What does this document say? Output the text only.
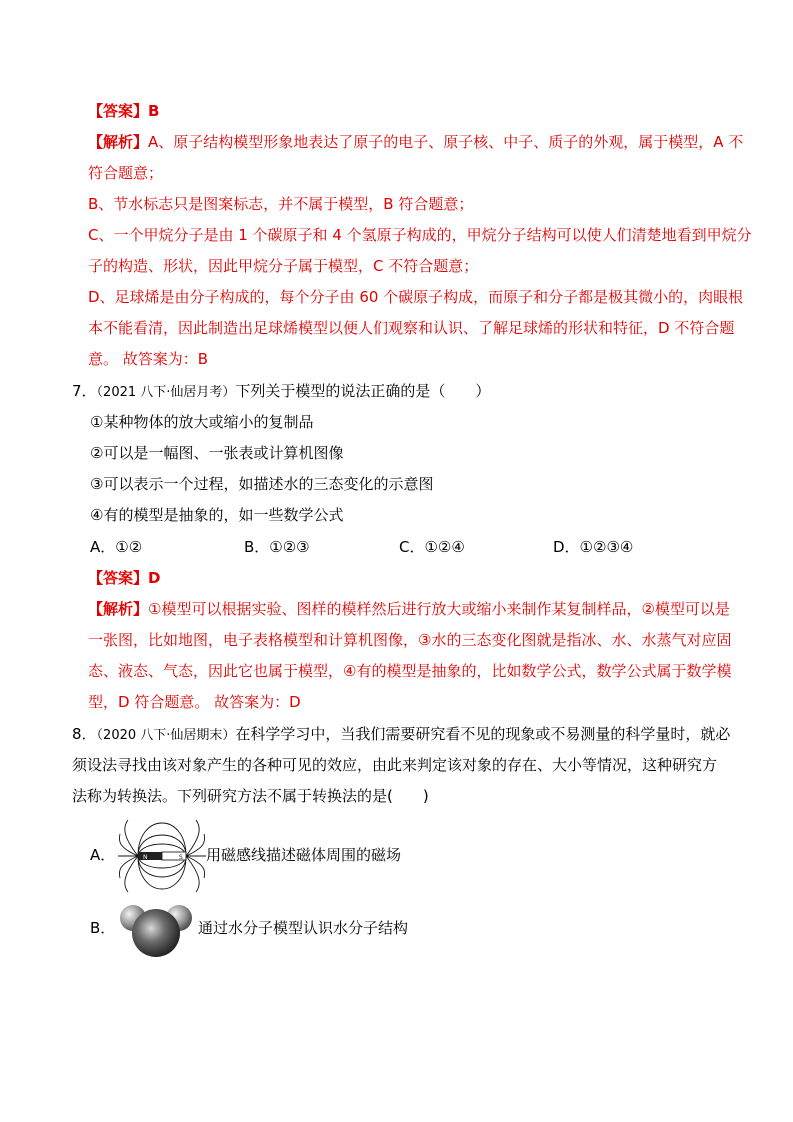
【答案】B
【解析】A、原子结构模型形象地表达了原子的电子、原子核、中子、质子的外观，属于模型，A 不
符合题意；
B、节水标志只是图案标志，并不属于模型，B 符合题意；
C、一个甲烷分子是由 1 个碳原子和 4 个氢原子构成的，甲烷分子结构可以使人们清楚地看到甲烷分
子的构造、形状，因此甲烷分子属于模型，C 不符合题意；
D、足球烯是由分子构成的，每个分子由 60 个碳原子构成，而原子和分子都是极其微小的，肉眼根
本不能看清，因此制造出足球烯模型以便人们观察和认识、了解足球烯的形状和特征，D 不符合题
意。 故答案为：B
7．（2021 八下·仙居月考）下列关于模型的说法正确的是（　　）
①某种物体的放大或缩小的复制品
②可以是一幅图、一张表或计算机图像
③可以表示一个过程，如描述水的三态变化的示意图
④有的模型是抽象的，如一些数学公式
A．①②	B．①②③	C．①②④	D．①②③④
【答案】D
【解析】①模型可以根据实验、图样的模样然后进行放大或缩小来制作某复制样品，②模型可以是
一张图，比如地图，电子表格模型和计算机图像，③水的三态变化图就是指冰、水、水蒸气对应固
态、液态、气态，因此它也属于模型，④有的模型是抽象的，比如数学公式，数学公式属于数学模
型，D 符合题意。 故答案为：D
8．（2020 八下·仙居期末）在科学学习中，当我们需要研究看不见的现象或不易测量的科学量时，就必
须设法寻找由该对象产生的各种可见的效应，由此来判定该对象的存在、大小等情况，这种研究方
法称为转换法。下列研究方法不属于转换法的是(　　)
A．	N	S 用磁感线描述磁体周围的磁场
B．	通过水分子模型认识水分子结构
